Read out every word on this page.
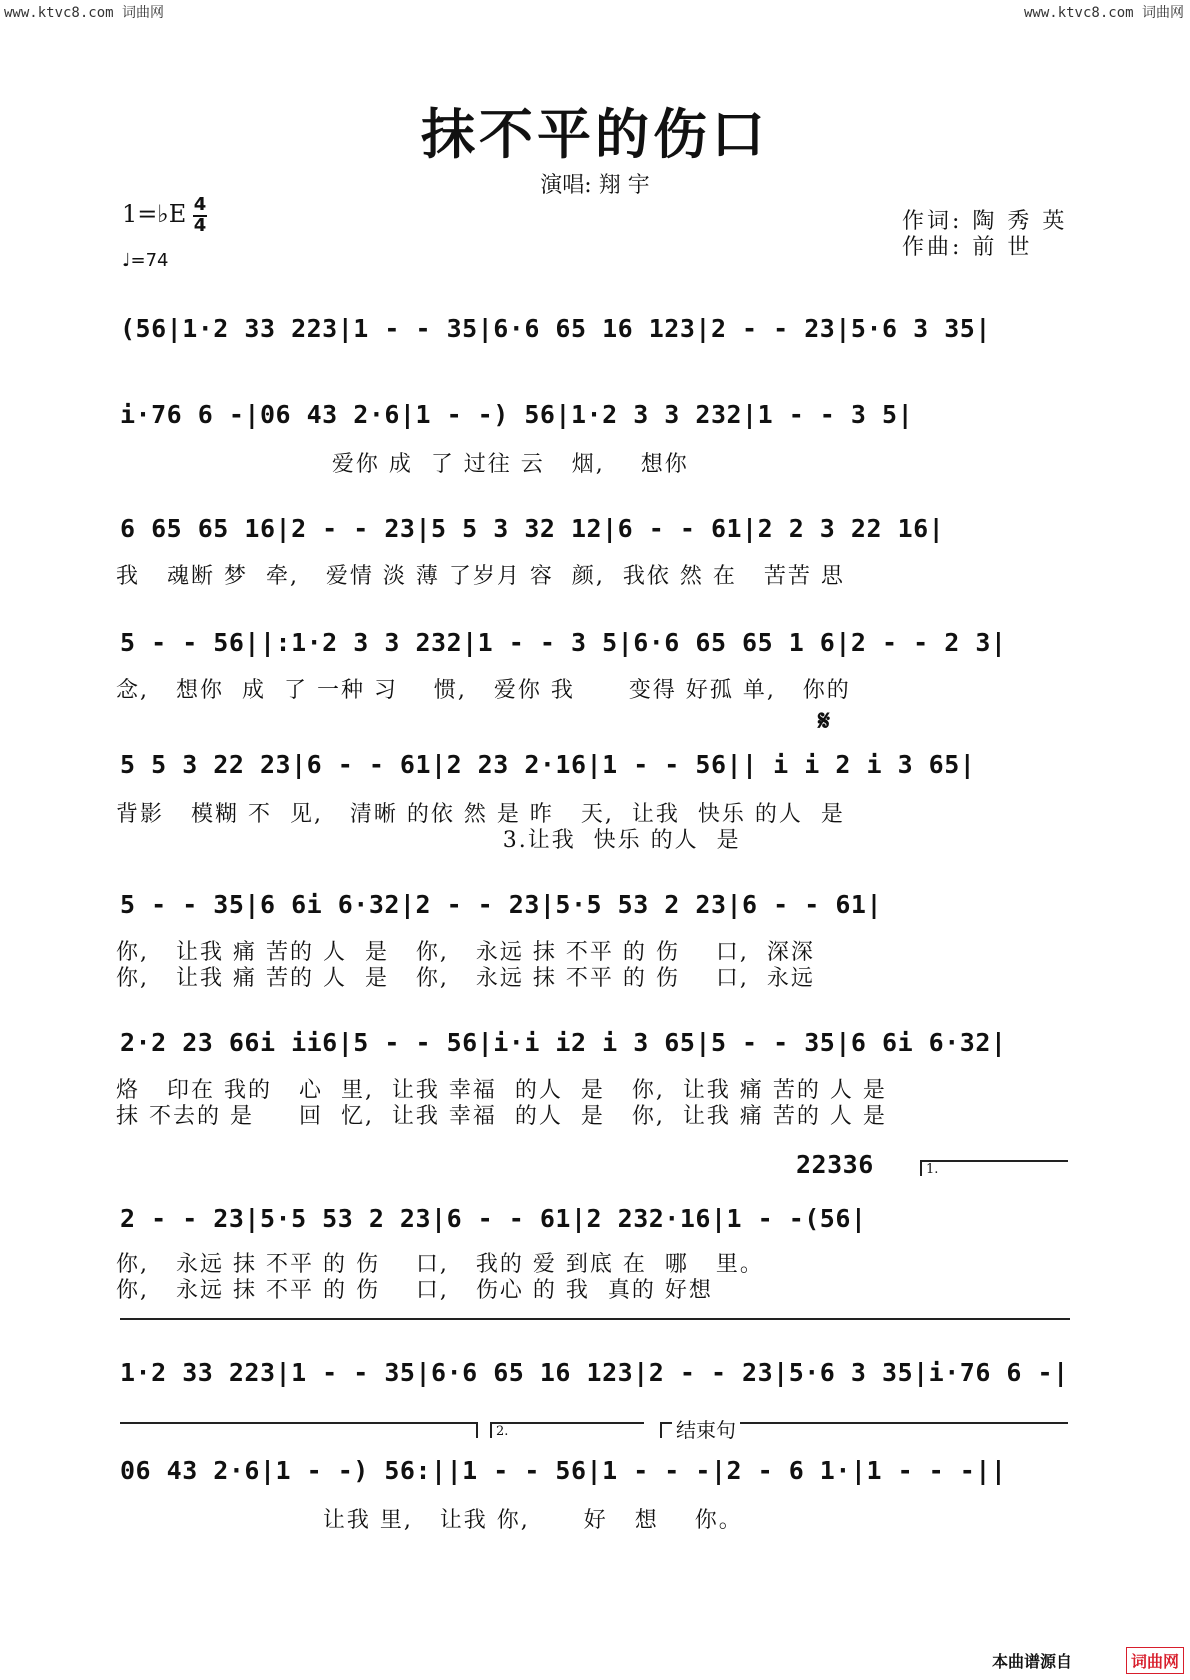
www.ktvc8.com 词曲网	www.ktvc8.com 词曲网
抹不平的伤口
演唱: 翔 宇
1=♭E 4
4
♩=74
作词: 陶 秀 英
作曲: 前 世
(56|1·2 33 223|1 - - 35|6·6 65 16 123|2 - - 23|5·6 3 35|
i·76 6 -|06 43 2·6|1 - -) 56|1·2 3 3 232|1 - - 3 5|
爱你 成  了 过往 云   烟,    想你
6 65 65 16|2 - - 23|5 5 3 32 12|6 - - 61|2 2 3 22 16|
我   魂断 梦  牵,   爱情 淡 薄 了岁月 容  颜,  我依 然 在   苦苦 思
5 - - 56||:1·2 3 3 232|1 - - 3 5|6·6 65 65 1 6|2 - - 2 3|
念,   想你  成  了 一种 习    惯,   爱你 我      变得 好孤 单,   你的
𝄋
5 5 3 22 23|6 - - 61|2 23 2·16|1 - - 56|| i i 2 i 3 65|
背影   模糊 不  见,   清晰 的依 然 是 昨   天,  让我  快乐 的人  是
3.让我  快乐 的人  是
5 - - 35|6 6i 6·32|2 - - 23|5·5 53 2 23|6 - - 61|
你,   让我 痛 苦的 人  是   你,   永远 抹 不平 的 伤    口,  深深
你,   让我 痛 苦的 人  是   你,   永远 抹 不平 的 伤    口,  永远
2·2 23 66i ii6|5 - - 56|i·i i2 i 3 65|5 - - 35|6 6i 6·32|
烙   印在 我的   心  里,  让我 幸福  的人  是   你,  让我 痛 苦的 人 是
抹 不去的 是     回  忆,  让我 幸福  的人  是   你,  让我 痛 苦的 人 是
22336	1.
2 - - 23|5·5 53 2 23|6 - - 61|2 232·16|1 - -(56|
你,   永远 抹 不平 的 伤    口,   我的 爱 到底 在  哪   里。
你,   永远 抹 不平 的 伤    口,   伤心 的 我  真的 好想
1·2 33 223|1 - - 35|6·6 65 16 123|2 - - 23|5·6 3 35|i·76 6 -|
2.	结束句
06 43 2·6|1 - -) 56:||1 - - 56|1 - - -|2 - 6 1·|1 - - -||
让我 里,   让我 你,      好   想    你。
本曲谱源自	词曲网
